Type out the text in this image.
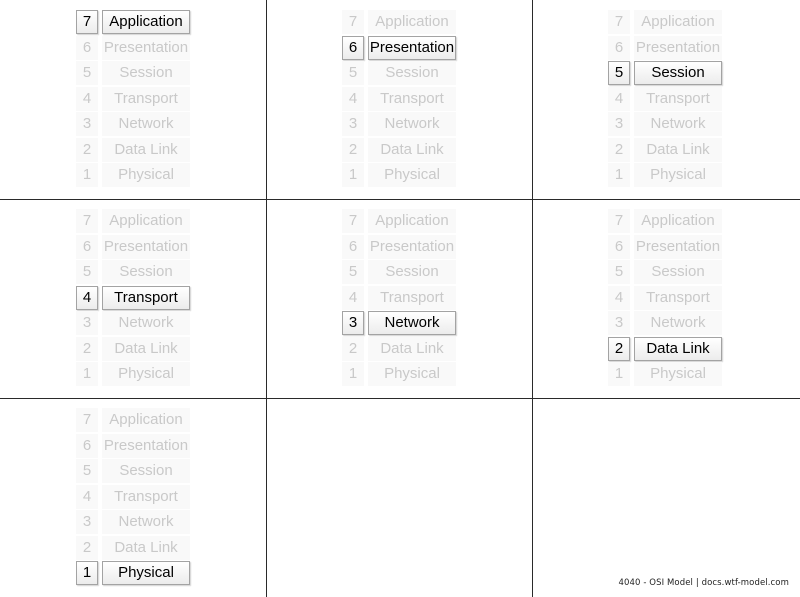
7	Application
6 Presentation
5	Session
4	Transport
3	Network
2	Data Link
1	Physical
7	Application
6 Presentation
5	Session
4	Transport
3	Network
2	Data Link
1	Physical
7	Application
6 Presentation
5	Session
4	Transport
3	Network
2	Data Link
1	Physical
7	Application
6 Presentation
5	Session
4	Transport
3	Network
2	Data Link
1	Physical
7	Application
6 Presentation
5	Session
4	Transport
3	Network
2	Data Link
1	Physical
7	Application
6 Presentation
5	Session
4	Transport
3	Network
2	Data Link
1	Physical
7	Application
6 Presentation
5	Session
4	Transport
3	Network
2	Data Link
1	Physical
4040 - OSI Model | docs.wtf-model.com
